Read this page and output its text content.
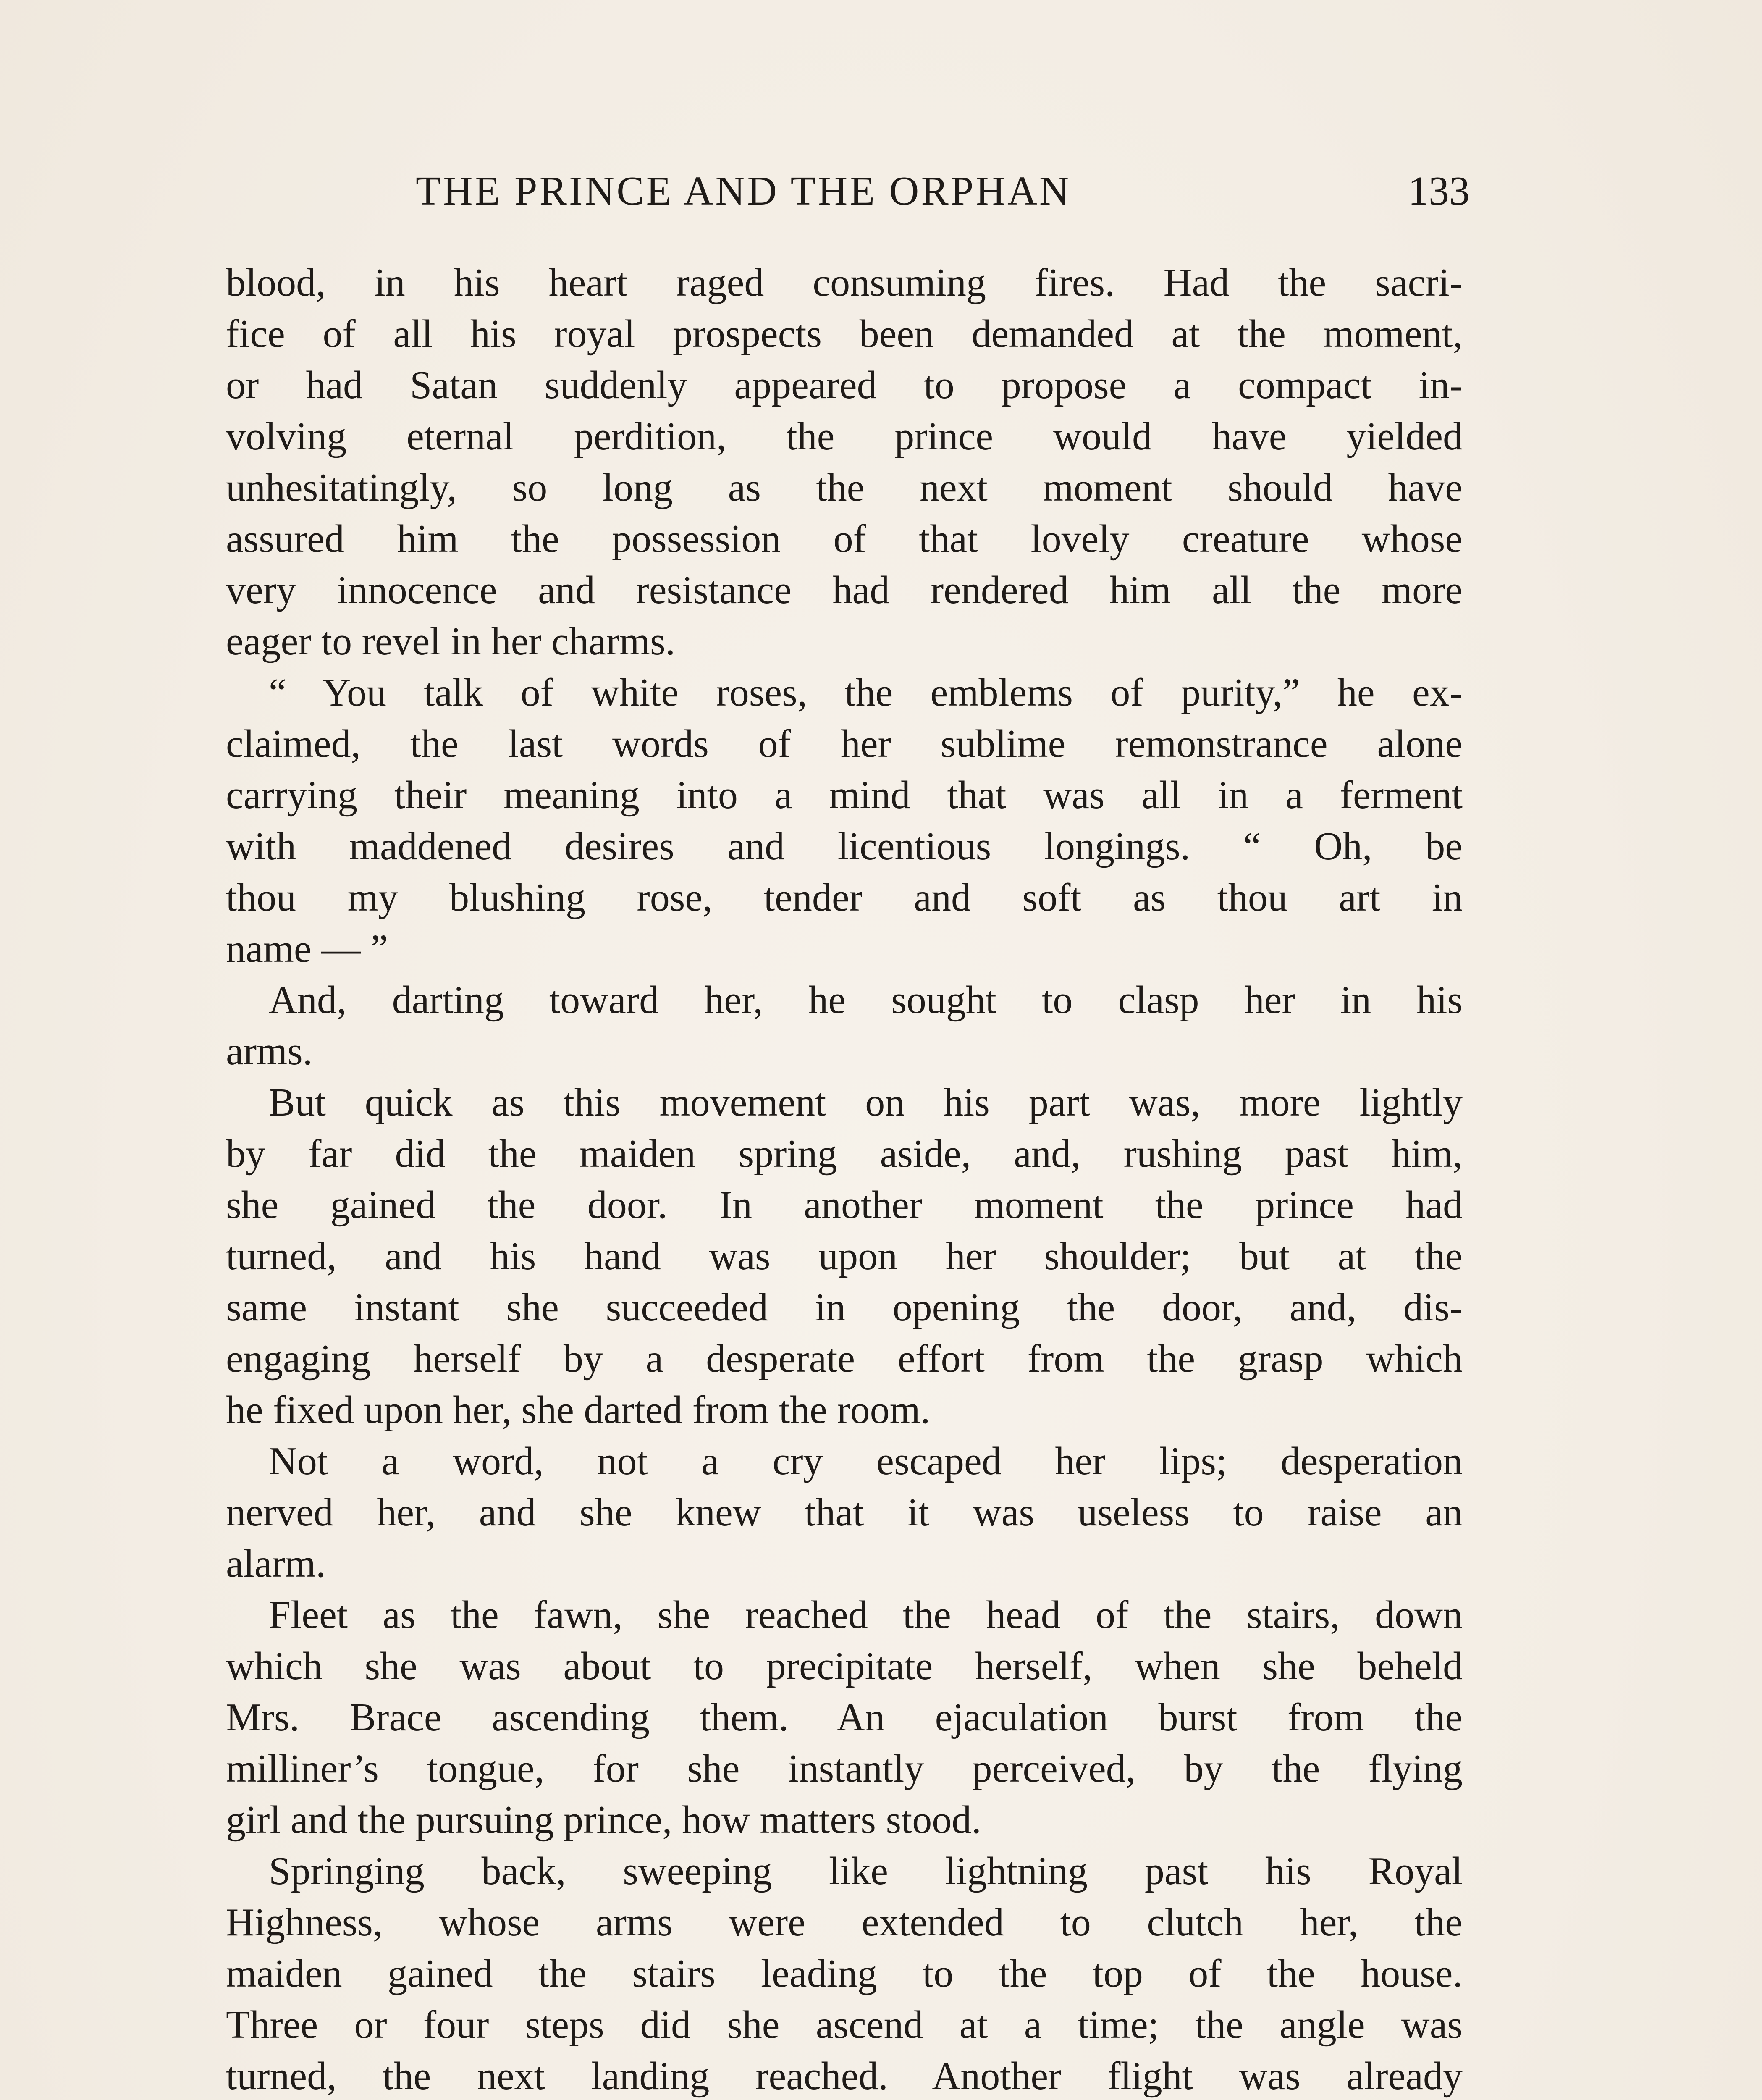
THE PRINCE AND THE ORPHAN	133
blood, in his heart raged consuming fires. Had the sacri-
fice of all his royal prospects been demanded at the moment,
or had Satan suddenly appeared to propose a compact in-
volving eternal perdition, the prince would have yielded
unhesitatingly, so long as the next moment should have
assured him the possession of that lovely creature whose
very innocence and resistance had rendered him all the more
eager to revel in her charms.
“ You talk of white roses, the emblems of purity,” he ex-
claimed, the last words of her sublime remonstrance alone
carrying their meaning into a mind that was all in a ferment
with maddened desires and licentious longings. “ Oh, be
thou my blushing rose, tender and soft as thou art in
name — ”
And, darting toward her, he sought to clasp her in his
arms.
But quick as this movement on his part was, more lightly
by far did the maiden spring aside, and, rushing past him,
she gained the door. In another moment the prince had
turned, and his hand was upon her shoulder; but at the
same instant she succeeded in opening the door, and, dis-
engaging herself by a desperate effort from the grasp which
he fixed upon her, she darted from the room.
Not a word, not a cry escaped her lips; desperation
nerved her, and she knew that it was useless to raise an
alarm.
Fleet as the fawn, she reached the head of the stairs, down
which she was about to precipitate herself, when she beheld
Mrs. Brace ascending them. An ejaculation burst from the
milliner’s tongue, for she instantly perceived, by the flying
girl and the pursuing prince, how matters stood.
Springing back, sweeping like lightning past his Royal
Highness, whose arms were extended to clutch her, the
maiden gained the stairs leading to the top of the house.
Three or four steps did she ascend at a time; the angle was
turned, the next landing reached. Another flight was already
